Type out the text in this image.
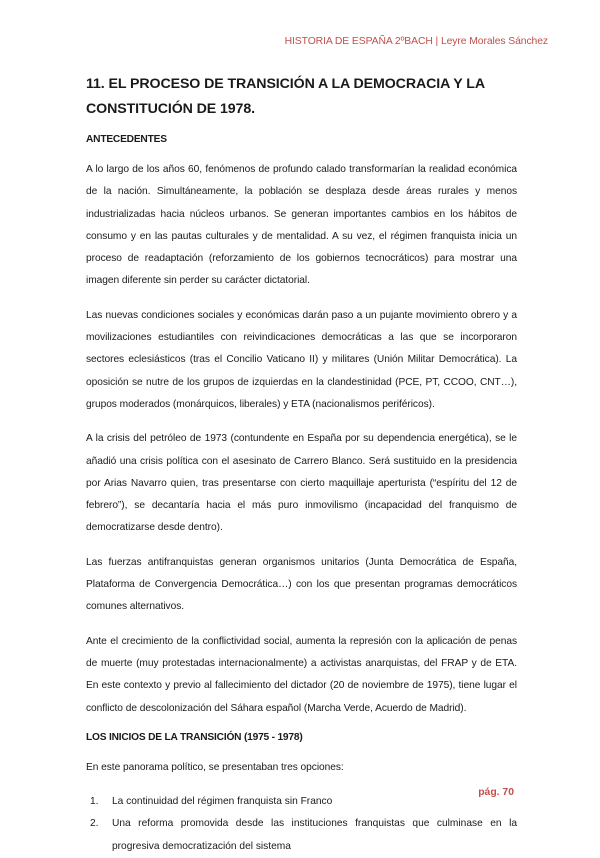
HISTORIA DE ESPAÑA 2ºBACH | Leyre Morales Sánchez
11. EL PROCESO DE TRANSICIÓN A LA DEMOCRACIA Y LA CONSTITUCIÓN DE 1978.
ANTECEDENTES

A lo largo de los años 60, fenómenos de profundo calado transformarían la realidad económica de la nación. Simultáneamente, la población se desplaza desde áreas rurales y menos industrializadas hacia núcleos urbanos. Se generan importantes cambios en los hábitos de consumo y en las pautas culturales y de mentalidad. A su vez, el régimen franquista inicia un proceso de readaptación (reforzamiento de los gobiernos tecnocráticos) para mostrar una imagen diferente sin perder su carácter dictatorial.

Las nuevas condiciones sociales y económicas darán paso a un pujante movimiento obrero y a movilizaciones estudiantiles con reivindicaciones democráticas a las que se incorporaron sectores eclesiásticos (tras el Concilio Vaticano II) y militares (Unión Militar Democrática). La oposición se nutre de los grupos de izquierdas en la clandestinidad (PCE, PT, CCOO, CNT…), grupos moderados (monárquicos, liberales) y ETA (nacionalismos periféricos).

A la crisis del petróleo de 1973 (contundente en España por su dependencia energética), se le añadió una crisis política con el asesinato de Carrero Blanco. Será sustituido en la presidencia por Arias Navarro quien, tras presentarse con cierto maquillaje aperturista (“espíritu del 12 de febrero”), se decantaría hacia el más puro inmovilismo (incapacidad del franquismo de democratizarse desde dentro).

Las fuerzas antifranquistas generan organismos unitarios (Junta Democrática de España, Plataforma de Convergencia Democrática…) con los que presentan programas democráticos comunes alternativos.

Ante el crecimiento de la conflictividad social, aumenta la represión con la aplicación de penas de muerte (muy protestadas internacionalmente) a activistas anarquistas, del FRAP y de ETA. En este contexto y previo al fallecimiento del dictador (20 de noviembre de 1975), tiene lugar el conflicto de descolonización del Sáhara español (Marcha Verde, Acuerdo de Madrid).

LOS INICIOS DE LA TRANSICIÓN (1975 - 1978)

En este panorama político, se presentaban tres opciones:

1. La continuidad del régimen franquista sin Franco
2. Una reforma promovida desde las instituciones franquistas que culminase en la progresiva democratización del sistema
pág. 70
